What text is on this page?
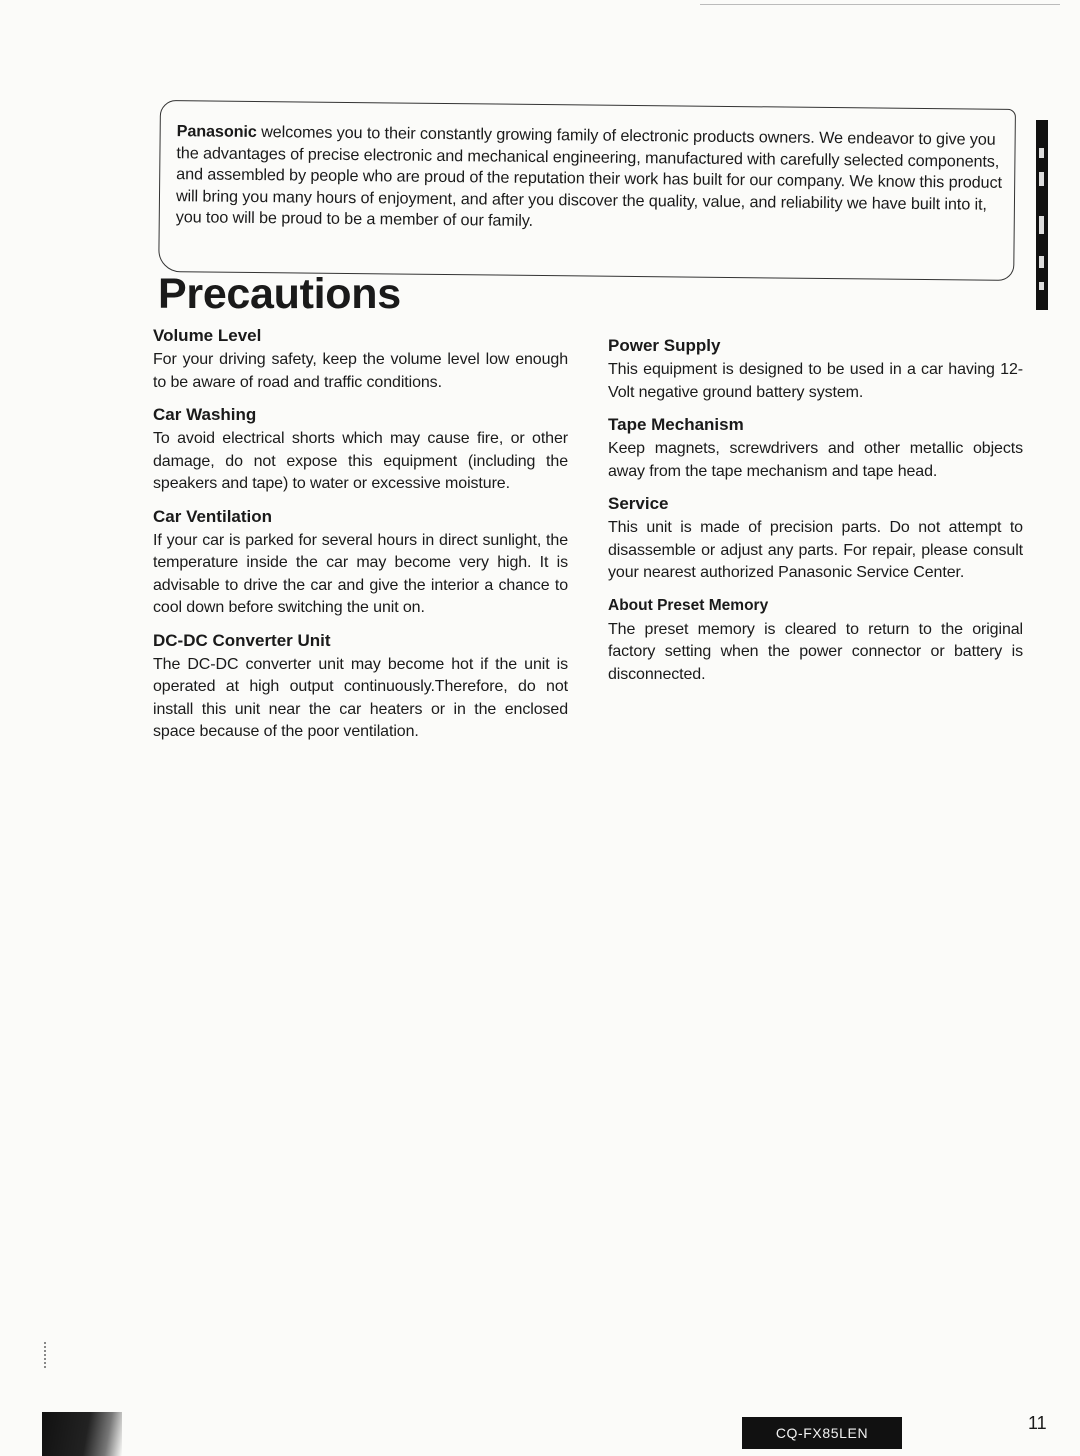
Panasonic welcomes you to their constantly growing family of electronic products owners. We endeavor to give you the advantages of precise electronic and mechanical engineering, manufactured with carefully selected components, and assembled by people who are proud of the reputation their work has built for our company. We know this product will bring you many hours of enjoyment, and after you discover the quality, value, and reliability we have built into it, you too will be proud to be a member of our family.

Precautions
Volume Level

For your driving safety, keep the volume level low enough to be aware of road and traffic conditions.

Car Washing

To avoid electrical shorts which may cause fire, or other damage, do not expose this equipment (including the speakers and tape) to water or excessive moisture.

Car Ventilation

If your car is parked for several hours in direct sunlight, the temperature inside the car may become very high. It is advisable to drive the car and give the interior a chance to cool down before switching the unit on.

DC-DC Converter Unit

The DC-DC converter unit may become hot if the unit is operated at high output continuously.Therefore, do not install this unit near the car heaters or in the enclosed space because of the poor ventilation.

Power Supply

This equipment is designed to be used in a car having 12-Volt negative ground battery system.

Tape Mechanism

Keep magnets, screwdrivers and other metallic objects away from the tape mechanism and tape head.

Service

This unit is made of precision parts. Do not attempt to disassemble or adjust any parts. For repair, please consult your nearest authorized Panasonic Service Center.

About Preset Memory

The preset memory is cleared to return to the original factory setting when the power connector or battery is disconnected.

CQ-FX85LEN	11
